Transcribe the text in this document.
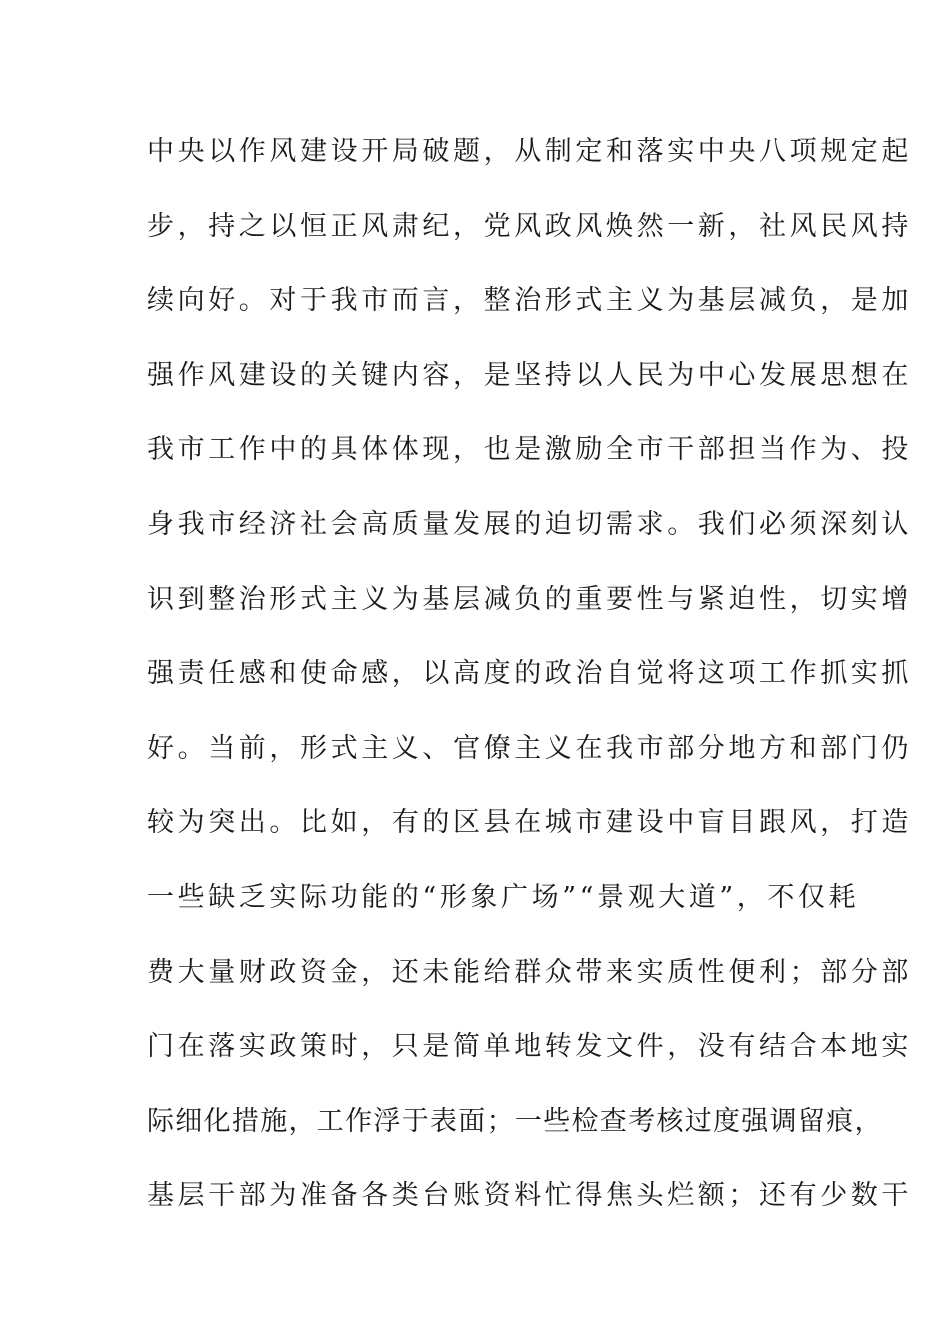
中央以作风建设开局破题，从制定和落实中央八项规定起
步，持之以恒正风肃纪，党风政风焕然一新，社风民风持
续向好。对于我市而言，整治形式主义为基层减负，是加
强作风建设的关键内容，是坚持以人民为中心发展思想在
我市工作中的具体体现，也是激励全市干部担当作为、投
身我市经济社会高质量发展的迫切需求。我们必须深刻认
识到整治形式主义为基层减负的重要性与紧迫性，切实增
强责任感和使命感，以高度的政治自觉将这项工作抓实抓
好。当前，形式主义、官僚主义在我市部分地方和部门仍
较为突出。比如，有的区县在城市建设中盲目跟风，打造
一些缺乏实际功能的“形象广场”“景观大道”，不仅耗
费大量财政资金，还未能给群众带来实质性便利；部分部
门在落实政策时，只是简单地转发文件，没有结合本地实
际细化措施，工作浮于表面；一些检查考核过度强调留痕，
基层干部为准备各类台账资料忙得焦头烂额；还有少数干
